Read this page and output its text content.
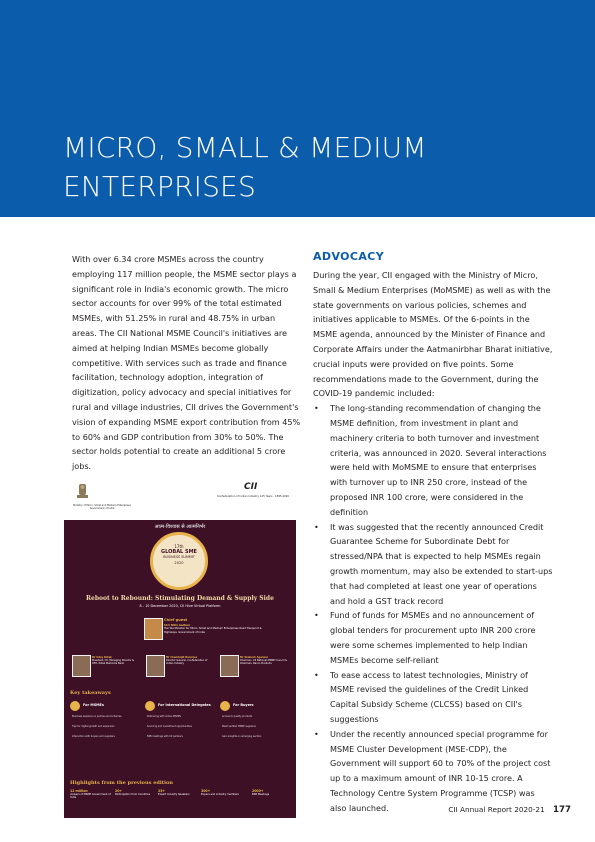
MICRO, SMALL & MEDIUM
ENTERPRISES

With over 6.34 crore MSMEs across the country employing 117 million people, the MSME sector plays a significant role in India's economic growth. The micro sector accounts for over 99% of the total estimated MSMEs, with 51.25% in rural and 48.75% in urban areas. The CII National MSME Council's initiatives are aimed at helping Indian MSMEs become globally competitive. With services such as trade and finance facilitation, technology adoption, integration of digitization, policy advocacy and special initiatives for rural and village industries, CII drives the Government's vision of expanding MSME export contribution from 45% to 60% and GDP contribution from 30% to 50%. The sector holds potential to create an additional 5 crore jobs.

Ministry of Micro, Small and Medium Enterprises Government of India
CII
Confederation of Indian Industry 125 Years · 1895-2020
आत्म-विश्वास से आत्मनिर्भर
17th
GLOBAL SME
BUSINESS SUMMIT
2020
Reboot to Rebound: Stimulating Demand & Supply Side
8 - 10 December 2020, CII Hive Virtual Platform
Chief guest
Shri Nitin Gadkari
Hon'ble Minister for Micro, Small and Medium Enterprises Road Transport & Highways, Government of India
Mr Uday Kotak
President, CII; Managing Director & CEO, Kotak Mahindra Bank
Mr Chandrajit Banerjee
Director General, Confederation of Indian Industry
Mr Shailesh Agarwal
Chairman, CII National MSME Council & Chairman, Banco Products
Key takeaways
For MSMEs
Business sessions on policies and schemes
Tips for digital growth and expansion
Interaction with buyers and suppliers
For International Delegates
Partnering with Indian MSMEs
Sourcing and investment opportunities
B2B meetings with CII partners
For Buyers
Access to quality products
Meet verified MSME suppliers
Gain insights on emerging sectors
Highlights from the previous edition
12 million
viewers of MSME Government of India
20+
Participation from Countries
25+
Expert Industry Speakers
300+
Buyers and industry members
2000+
B2B Meetings
ADVOCACY

During the year, CII engaged with the Ministry of Micro, Small & Medium Enterprises (MoMSME) as well as with the state governments on various policies, schemes and initiatives applicable to MSMEs. Of the 6-points in the MSME agenda, announced by the Minister of Finance and Corporate Affairs under the Aatmanirbhar Bharat initiative, crucial inputs were provided on five points. Some recommendations made to the Government, during the COVID-19 pandemic included:

• The long-standing recommendation of changing the MSME definition, from investment in plant and machinery criteria to both turnover and investment criteria, was announced in 2020. Several interactions were held with MoMSME to ensure that enterprises with turnover up to INR 250 crore, instead of the proposed INR 100 crore, were considered in the definition
• It was suggested that the recently announced Credit Guarantee Scheme for Subordinate Debt for stressed/NPA that is expected to help MSMEs regain growth momentum, may also be extended to start-ups that had completed at least one year of operations and hold a GST track record
• Fund of funds for MSMEs and no announcement of global tenders for procurement upto INR 200 crore were some schemes implemented to help Indian MSMEs become self-reliant
• To ease access to latest technologies, Ministry of MSME revised the guidelines of the Credit Linked Capital Subsidy Scheme (CLCSS) based on CII's suggestions
• Under the recently announced special programme for MSME Cluster Development (MSE-CDP), the Government will support 60 to 70% of the project cost up to a maximum amount of INR 10-15 crore. A Technology Centre System Programme (TCSP) was also launched.	CII Annual Report 2020-21 177
